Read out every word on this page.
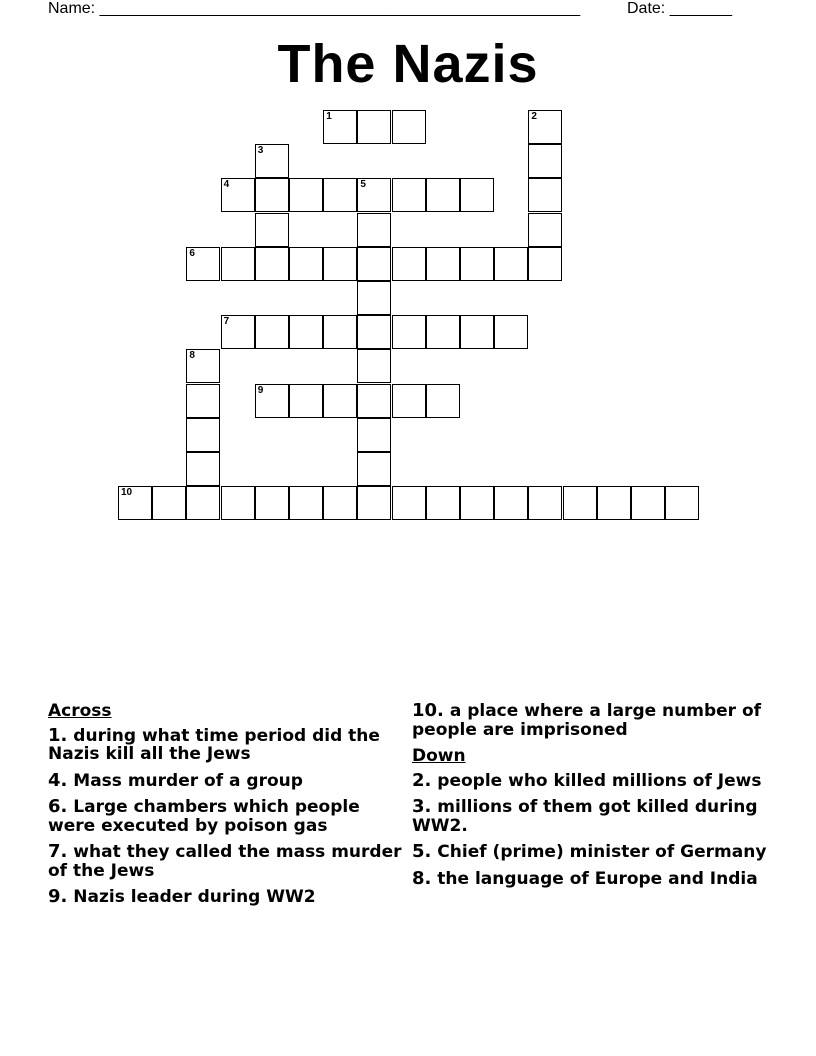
Name: ______________________________________________________	Date: _______
The Nazis
1	2
3
4	5
6
7
8
9
10
Across
1. during what time period did the Nazis kill all the Jews
4. Mass murder of a group
6. Large chambers which people were executed by poison gas
7. what they called the mass murder of the Jews
9. Nazis leader during WW2
10. a place where a large number of people are imprisoned
Down
2. people who killed millions of Jews
3. millions of them got killed during WW2.
5. Chief (prime) minister of Germany
8. the language of Europe and India
